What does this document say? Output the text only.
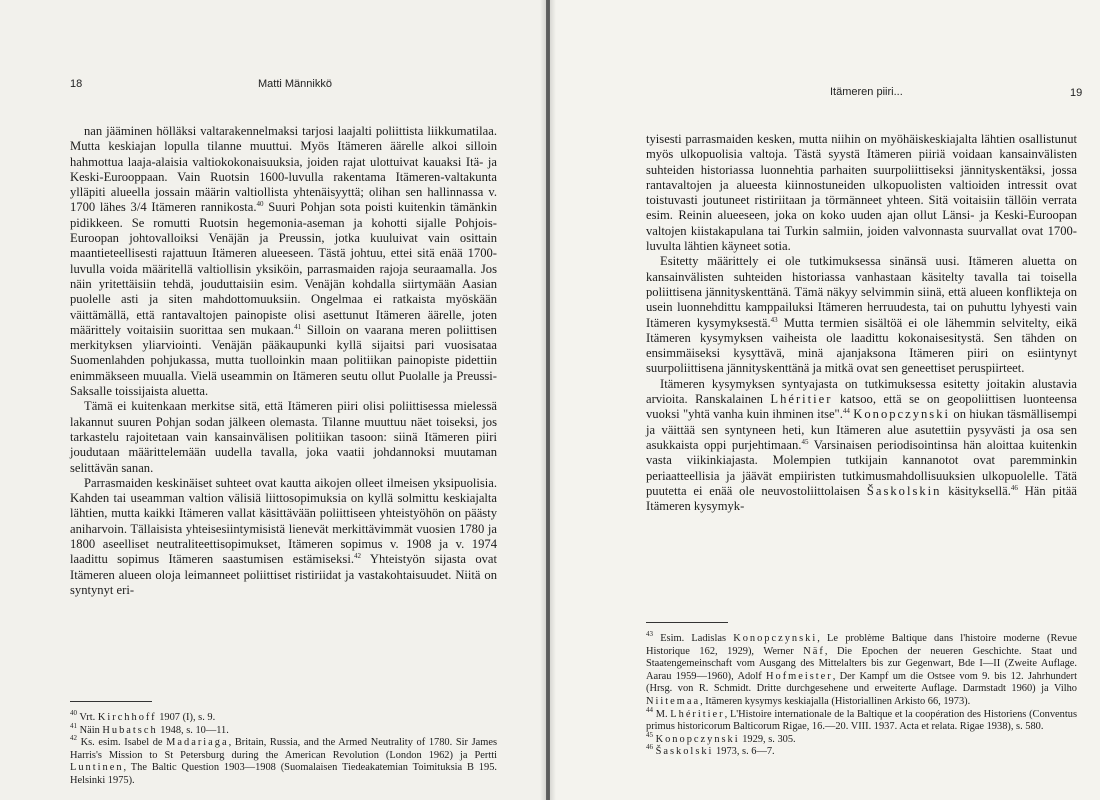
18	Matti Männikkö

nan jääminen hölläksi valtarakennelmaksi tarjosi laajalti poliittista liikkumatilaa. Mutta keskiajan lopulla tilanne muuttui. Myös Itämeren äärelle alkoi silloin hahmottua laaja-alaisia valtiokokonaisuuksia, joiden rajat ulottuivat kauaksi Itä- ja Keski-Eurooppaan. Vain Ruotsin 1600-luvulla rakentama Itämeren-valtakunta ylläpiti alueella jossain määrin valtiollista yhtenäisyyttä; olihan sen hallinnassa v. 1700 lähes 3/4 Itämeren rannikosta.$^{40}$ Suuri Pohjan sota poisti kuitenkin tämänkin pidikkeen. Se romutti Ruotsin hegemonia-aseman ja kohotti sijalle Pohjois-Euroopan johtovalloiksi Venäjän ja Preussin, jotka kuuluivat vain osittain maantieteellisesti rajattuun Itämeren alueeseen. Tästä johtuu, ettei sitä enää 1700-luvulla voida määritellä valtiollisin yksiköin, parrasmaiden rajoja seuraamalla. Jos näin yritettäisiin tehdä, jouduttaisiin esim. Venäjän kohdalla siirtymään Aasian puolelle asti ja siten mahdottomuuksiin. Ongelmaa ei ratkaista myöskään väittämällä, että rantavaltojen painopiste olisi asettunut Itämeren äärelle, joten määrittely voitaisiin suorittaa sen mukaan.$^{41}$ Silloin on vaarana meren poliittisen merkityksen yliarviointi. Venäjän pääkaupunki kyllä sijaitsi pari vuosisataa Suomenlahden pohjukassa, mutta tuolloinkin maan politiikan painopiste pidettiin enimmäkseen muualla. Vielä useammin on Itämeren seutu ollut Puolalle ja Preussi-Saksalle toissijaista aluetta.

Tämä ei kuitenkaan merkitse sitä, että Itämeren piiri olisi poliittisessa mielessä lakannut suuren Pohjan sodan jälkeen olemasta. Tilanne muuttuu näet toiseksi, jos tarkastelu rajoitetaan vain kansainvälisen politiikan tasoon: siinä Itämeren piiri joudutaan määrittelemään uudella tavalla, joka vaatii johdannoksi muutaman selittävän sanan.

Parrasmaiden keskinäiset suhteet ovat kautta aikojen olleet ilmeisen yksipuolisia. Kahden tai useamman valtion välisiä liittosopimuksia on kyllä solmittu keskiajalta lähtien, mutta kaikki Itämeren vallat käsittävään poliittiseen yhteistyöhön on päästy aniharvoin. Tällaisista yhteisesiintymisistä lienevät merkittävimmät vuosien 1780 ja 1800 aseelliset neutraliteettisopimukset, Itämeren sopimus v. 1908 ja v. 1974 laadittu sopimus Itämeren saastumisen estämiseksi.$^{42}$ Yhteistyön sijasta ovat Itämeren alueen oloja leimanneet poliittiset ristiriidat ja vastakohtaisuudet. Niitä on syntynyt eri-

$^{40}$ Vrt. Kirchhoff 1907 (I), s. 9.

$^{41}$ Näin Hubatsch 1948, s. 10—11.

$^{42}$ Ks. esim. Isabel de Madariaga, Britain, Russia, and the Armed Neutrality of 1780. Sir James Harris's Mission to St Petersburg during the American Revolution (London 1962) ja Pertti Luntinen, The Baltic Question 1903—1908 (Suomalaisen Tiedeakatemian Toimituksia B 195. Helsinki 1975).

Itämeren piiri...	19

tyisesti parrasmaiden kesken, mutta niihin on myöhäiskeskiajalta lähtien osallistunut myös ulkopuolisia valtoja. Tästä syystä Itämeren piiriä voidaan kansainvälisten suhteiden historiassa luonnehtia parhaiten suurpoliittiseksi jännityskentäksi, jossa rantavaltojen ja alueesta kiinnostuneiden ulkopuolisten valtioiden intressit ovat toistuvasti joutuneet ristiriitaan ja törmänneet yhteen. Sitä voitaisiin tällöin verrata esim. Reinin alueeseen, joka on koko uuden ajan ollut Länsi- ja Keski-Euroopan valtojen kiistakapulana tai Turkin salmiin, joiden valvonnasta suurvallat ovat 1700-luvulta lähtien käyneet sotia.

Esitetty määrittely ei ole tutkimuksessa sinänsä uusi. Itämeren aluetta on kansainvälisten suhteiden historiassa vanhastaan käsitelty tavalla tai toisella poliittisena jännityskenttänä. Tämä näkyy selvimmin siinä, että alueen konflikteja on usein luonnehdittu kamppailuksi Itämeren herruudesta, tai on puhuttu lyhyesti vain Itämeren kysymyksestä.$^{43}$ Mutta termien sisältöä ei ole lähemmin selvitelty, eikä Itämeren kysymyksen vaiheista ole laadittu kokonaisesitystä. Sen tähden on ensimmäiseksi kysyttävä, minä ajanjaksona Itämeren piiri on esiintynyt suurpoliittisena jännityskenttänä ja mitkä ovat sen geneettiset peruspiirteet.

Itämeren kysymyksen syntyajasta on tutkimuksessa esitetty joitakin alustavia arvioita. Ranskalainen Lhéritier katsoo, että se on geopoliittisen luonteensa vuoksi "yhtä vanha kuin ihminen itse".$^{44}$ Konopczynski on hiukan täsmällisempi ja väittää sen syntyneen heti, kun Itämeren alue asutettiin pysyvästi ja osa sen asukkaista oppi purjehtimaan.$^{45}$ Varsinaisen periodisointinsa hän aloittaa kuitenkin vasta viikinkiajasta. Molempien tutkijain kannanotot ovat paremminkin periaatteellisia ja jäävät empiiristen tutkimusmahdollisuuksien ulkopuolelle. Tätä puutetta ei enää ole neuvostoliittolaisen Šaskolskin käsityksellä.$^{46}$ Hän pitää Itämeren kysymyk-

$^{43}$ Esim. Ladislas Konopczynski, Le problème Baltique dans l'histoire moderne (Revue Historique 162, 1929), Werner Näf, Die Epochen der neueren Geschichte. Staat und Staatengemeinschaft vom Ausgang des Mittelalters bis zur Gegenwart, Bde I—II (Zweite Auflage. Aarau 1959—1960), Adolf Hofmeister, Der Kampf um die Ostsee vom 9. bis 12. Jahrhundert (Hrsg. von R. Schmidt. Dritte durchgesehene und erweiterte Auflage. Darmstadt 1960) ja Vilho Niitemaa, Itämeren kysymys keskiajalla (Historiallinen Arkisto 66, 1973).

$^{44}$ M. Lhéritier, L'Histoire internationale de la Baltique et la coopération des Historiens (Conventus primus historicorum Balticorum Rigae, 16.—20. VIII. 1937. Acta et relata. Rigae 1938), s. 580.

$^{45}$ Konopczynski 1929, s. 305.

$^{46}$ Šaskolski 1973, s. 6—7.
